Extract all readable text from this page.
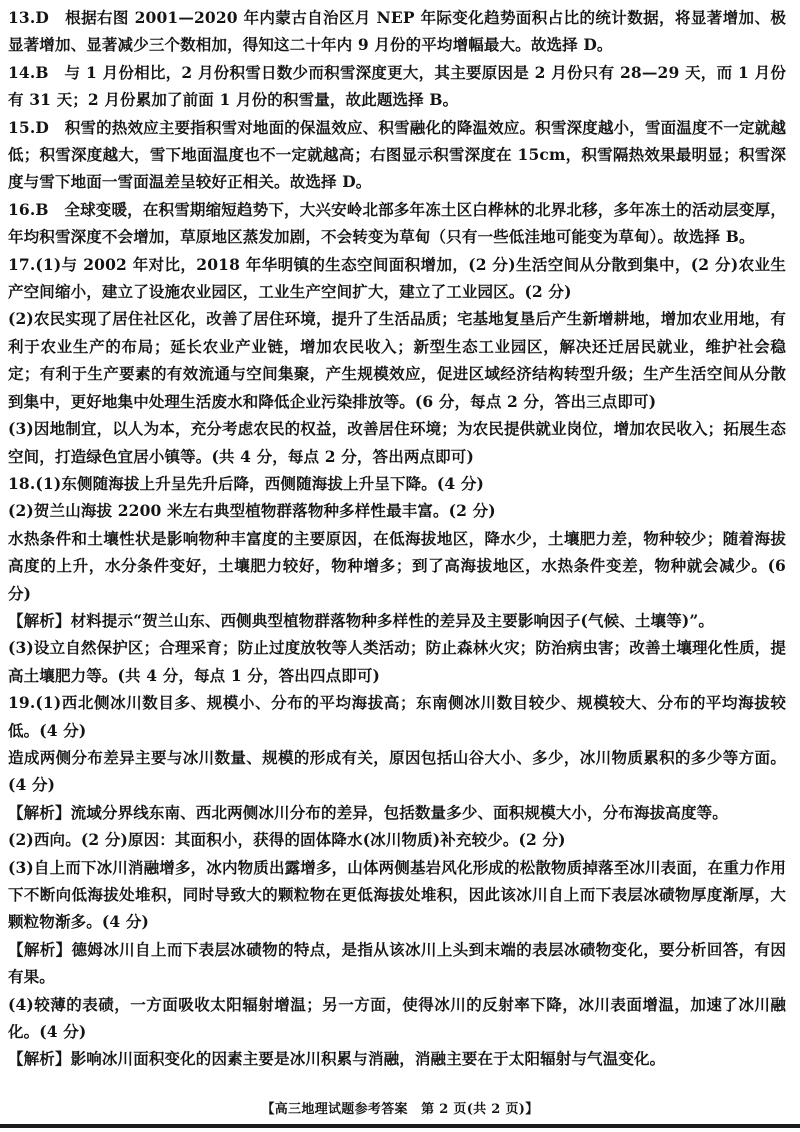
13.D　根据右图 2001—2020 年内蒙古自治区月 NEP 年际变化趋势面积占比的统计数据，将显著增加、极显著增加、显著减少三个数相加，得知这二十年内 9 月份的平均增幅最大。故选择 D。

14.B　与 1 月份相比，2 月份积雪日数少而积雪深度更大，其主要原因是 2 月份只有 28—29 天，而 1 月份有 31 天；2 月份累加了前面 1 月份的积雪量，故此题选择 B。

15.D　积雪的热效应主要指积雪对地面的保温效应、积雪融化的降温效应。积雪深度越小，雪面温度不一定就越低；积雪深度越大，雪下地面温度也不一定就越高；右图显示积雪深度在 15cm，积雪隔热效果最明显；积雪深度与雪下地面一雪面温差呈较好正相关。故选择 D。

16.B　全球变暖，在积雪期缩短趋势下，大兴安岭北部多年冻土区白桦林的北界北移，多年冻土的活动层变厚，年均积雪深度不会增加，草原地区蒸发加剧，不会转变为草甸（只有一些低洼地可能变为草甸）。故选择 B。

17.(1)与 2002 年对比，2018 年华明镇的生态空间面积增加，(2 分)生活空间从分散到集中，(2 分)农业生产空间缩小，建立了设施农业园区，工业生产空间扩大，建立了工业园区。(2 分)

(2)农民实现了居住社区化，改善了居住环境，提升了生活品质；宅基地复垦后产生新增耕地，增加农业用地，有利于农业生产的布局；延长农业产业链，增加农民收入；新型生态工业园区，解决还迁居民就业，维护社会稳定；有利于生产要素的有效流通与空间集聚，产生规模效应，促进区域经济结构转型升级；生产生活空间从分散到集中，更好地集中处理生活废水和降低企业污染排放等。(6 分，每点 2 分，答出三点即可)

(3)因地制宜，以人为本，充分考虑农民的权益，改善居住环境；为农民提供就业岗位，增加农民收入；拓展生态空间，打造绿色宜居小镇等。(共 4 分，每点 2 分，答出两点即可)

18.(1)东侧随海拔上升呈先升后降，西侧随海拔上升呈下降。(4 分)

(2)贺兰山海拔 2200 米左右典型植物群落物种多样性最丰富。(2 分)

水热条件和土壤性状是影响物种丰富度的主要原因，在低海拔地区，降水少，土壤肥力差，物种较少；随着海拔高度的上升，水分条件变好，土壤肥力较好，物种增多；到了高海拔地区，水热条件变差，物种就会减少。(6 分)

【解析】材料提示“贺兰山东、西侧典型植物群落物种多样性的差异及主要影响因子(气候、土壤等)”。

(3)设立自然保护区；合理采育；防止过度放牧等人类活动；防止森林火灾；防治病虫害；改善土壤理化性质，提高土壤肥力等。(共 4 分，每点 1 分，答出四点即可)

19.(1)西北侧冰川数目多、规模小、分布的平均海拔高；东南侧冰川数目较少、规模较大、分布的平均海拔较低。(4 分)

造成两侧分布差异主要与冰川数量、规模的形成有关，原因包括山谷大小、多少，冰川物质累积的多少等方面。(4 分)

【解析】流域分界线东南、西北两侧冰川分布的差异，包括数量多少、面积规模大小，分布海拔高度等。

(2)西向。(2 分)原因：其面积小，获得的固体降水(冰川物质)补充较少。(2 分)

(3)自上而下冰川消融增多，冰内物质出露增多，山体两侧基岩风化形成的松散物质掉落至冰川表面，在重力作用下不断向低海拔处堆积，同时导致大的颗粒物在更低海拔处堆积，因此该冰川自上而下表层冰碛物厚度渐厚，大颗粒物渐多。(4 分)

【解析】德姆冰川自上而下表层冰碛物的特点，是指从该冰川上头到末端的表层冰碛物变化，要分析回答，有因有果。

(4)较薄的表碛，一方面吸收太阳辐射增温；另一方面，使得冰川的反射率下降，冰川表面增温，加速了冰川融化。(4 分)

【解析】影响冰川面积变化的因素主要是冰川积累与消融，消融主要在于太阳辐射与气温变化。

【高三地理试题参考答案　第 2 页(共 2 页)】
